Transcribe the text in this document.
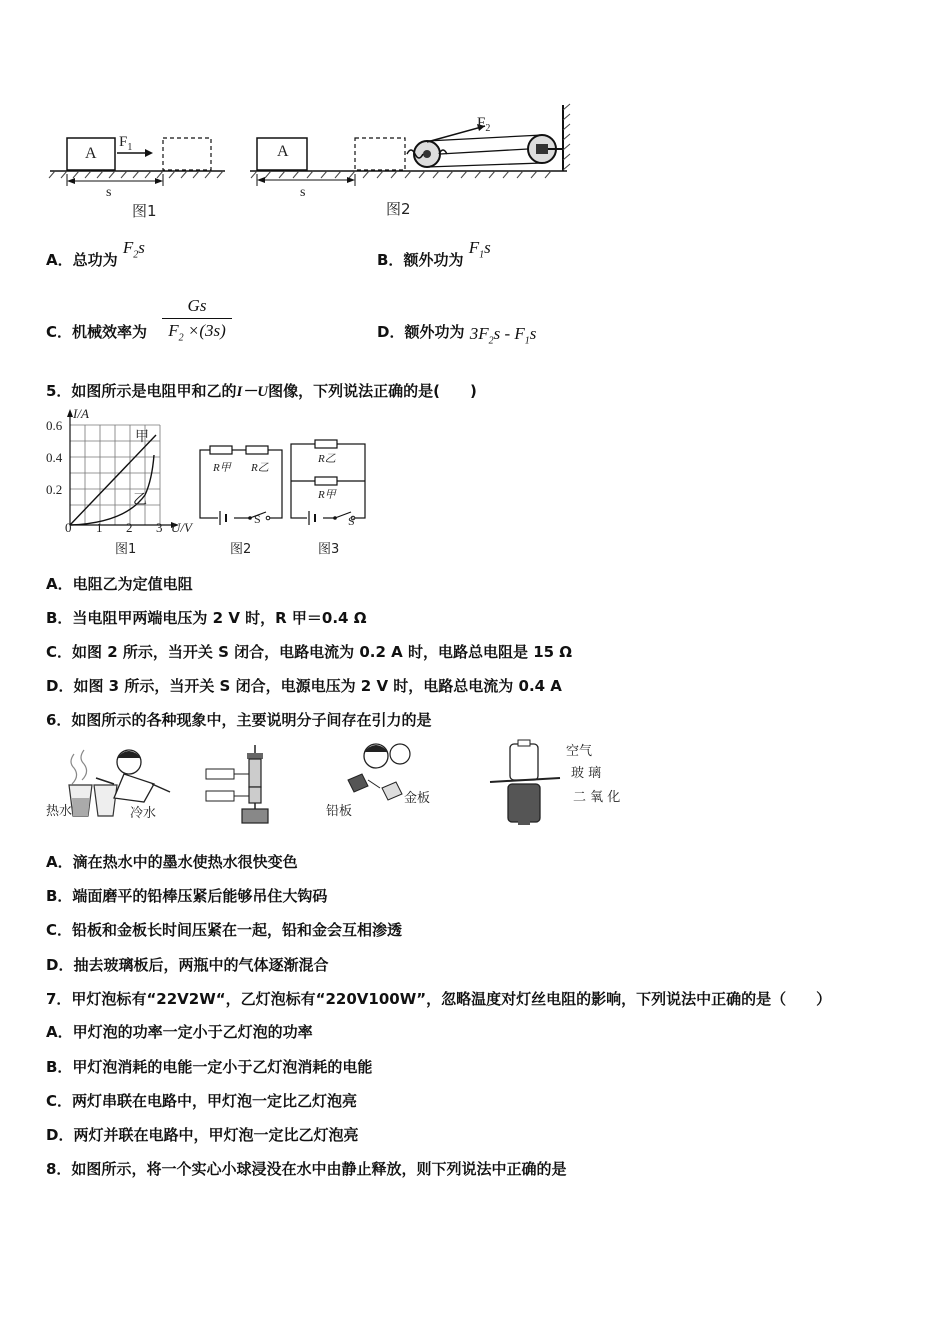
A
$F_1$
s
图1
A
$F_2$
s
图2
A．总功为 $F_2s$
B．额外功为 $F_1s$
C．机械效率为
Gs
$F_2 \times(3s)$	D．额外功为 $3F_2s - F_1s$
5．如图所示是电阻甲和乙的I－U图像，下列说法正确的是(　　)
I/A
U/V
0.6
0.4
0.2
0 1 2 3
甲
乙
图1
R甲 R乙
S
图2
R乙
R甲
S
图3
A．电阻乙为定值电阻
B．当电阻甲两端电压为 2 V 时，R 甲＝0.4 Ω
C．如图 2 所示，当开关 S 闭合，电路电流为 0.2 A 时，电路总电阻是 15 Ω
D．如图 3 所示，当开关 S 闭合，电源电压为 2 V 时，电路总电流为 0.4 A
6．如图所示的各种现象中，主要说明分子间存在引力的是
热水	冷水	铅板
金板
空气
玻 璃
二 氧 化
A．滴在热水中的墨水使热水很快变色
B．端面磨平的铅棒压紧后能够吊住大钩码
C．铅板和金板长时间压紧在一起，铅和金会互相渗透
D．抽去玻璃板后，两瓶中的气体逐渐混合
7．甲灯泡标有“22V2W“，乙灯泡标有“220V100W”，忽略温度对灯丝电阻的影响，下列说法中正确的是（　　）
A．甲灯泡的功率一定小于乙灯泡的功率
B．甲灯泡消耗的电能一定小于乙灯泡消耗的电能
C．两灯串联在电路中，甲灯泡一定比乙灯泡亮
D．两灯并联在电路中，甲灯泡一定比乙灯泡亮
8．如图所示，将一个实心小球浸没在水中由静止释放，则下列说法中正确的是
